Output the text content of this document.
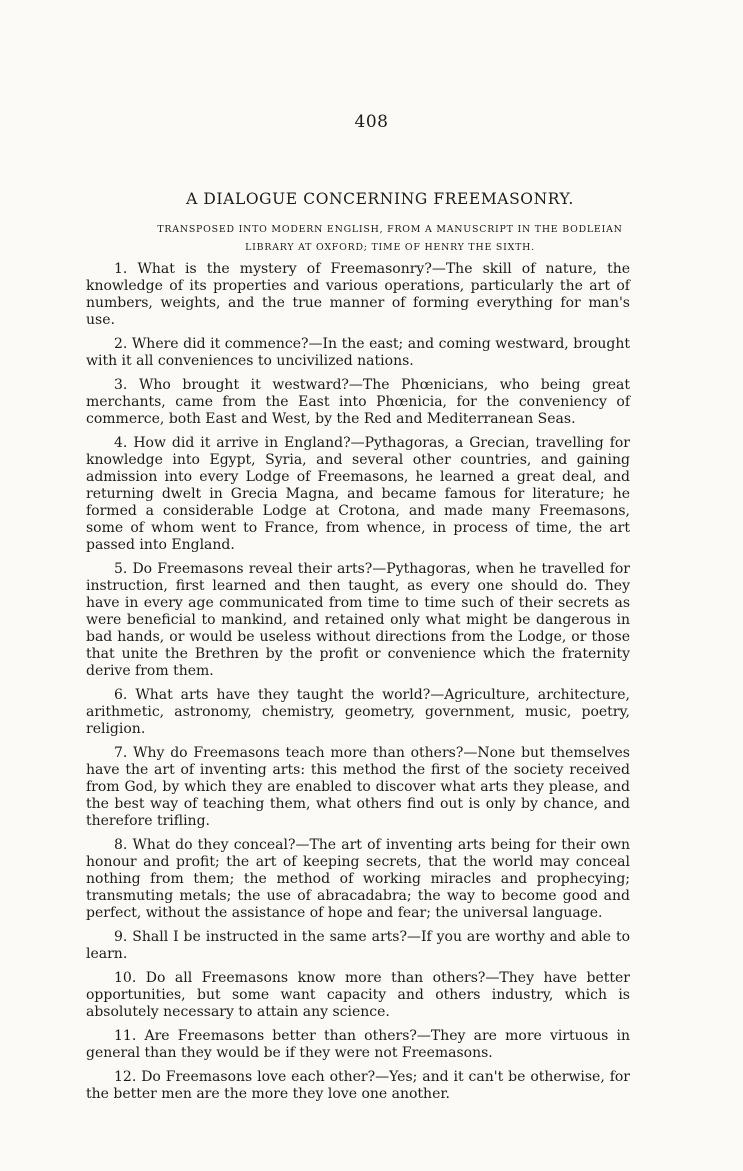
408
A DIALOGUE CONCERNING FREEMASONRY.
TRANSPOSED INTO MODERN ENGLISH, FROM A MANUSCRIPT IN THE BODLEIAN
LIBRARY AT OXFORD; TIME OF HENRY THE SIXTH.

1. What is the mystery of Freemasonry?—The skill of nature, the knowledge of its properties and various operations, particularly the art of numbers, weights, and the true manner of forming everything for man's use.

2. Where did it commence?—In the east; and coming westward, brought with it all conveniences to uncivilized nations.

3. Who brought it westward?—The Phœnicians, who being great merchants, came from the East into Phœnicia, for the conveniency of commerce, both East and West, by the Red and Mediterranean Seas.

4. How did it arrive in England?—Pythagoras, a Grecian, travelling for knowledge into Egypt, Syria, and several other countries, and gaining admission into every Lodge of Freemasons, he learned a great deal, and returning dwelt in Grecia Magna, and became famous for literature; he formed a considerable Lodge at Crotona, and made many Freemasons, some of whom went to France, from whence, in process of time, the art passed into England.

5. Do Freemasons reveal their arts?—Pythagoras, when he travelled for instruction, first learned and then taught, as every one should do. They have in every age communicated from time to time such of their secrets as were beneficial to mankind, and retained only what might be dangerous in bad hands, or would be useless without directions from the Lodge, or those that unite the Brethren by the profit or convenience which the fraternity derive from them.

6. What arts have they taught the world?—Agriculture, architecture, arithmetic, astronomy, chemistry, geometry, government, music, poetry, religion.

7. Why do Freemasons teach more than others?—None but themselves have the art of inventing arts: this method the first of the society received from God, by which they are enabled to discover what arts they please, and the best way of teaching them, what others find out is only by chance, and therefore trifling.

8. What do they conceal?—The art of inventing arts being for their own honour and profit; the art of keeping secrets, that the world may conceal nothing from them; the method of working miracles and prophecying; transmuting metals; the use of abracadabra; the way to become good and perfect, without the assistance of hope and fear; the universal language.

9. Shall I be instructed in the same arts?—If you are worthy and able to learn.

10. Do all Freemasons know more than others?—They have better opportunities, but some want capacity and others industry, which is absolutely necessary to attain any science.

11. Are Freemasons better than others?—They are more virtuous in general than they would be if they were not Freemasons.

12. Do Freemasons love each other?—Yes; and it can't be otherwise, for the better men are the more they love one another.
